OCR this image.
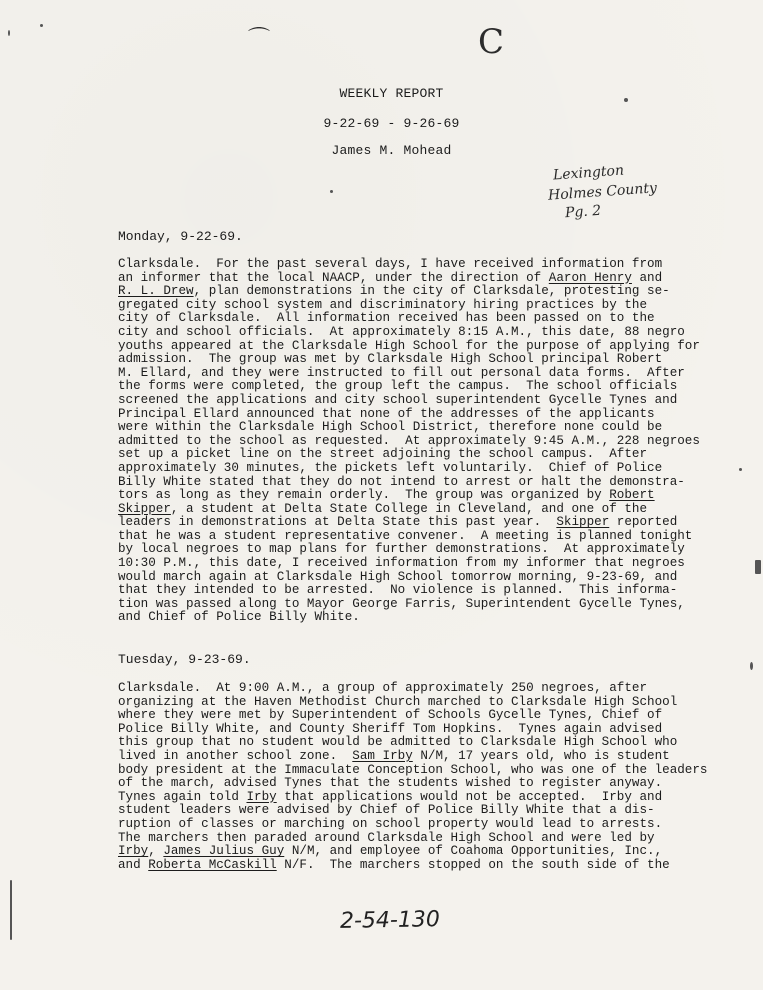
⌒	C
WEEKLY REPORT
9-22-69 - 9-26-69
James M. Mohead
Lexington
Holmes County
Pg. 2
Monday, 9-22-69.
Clarksdale.  For the past several days, I have received information from
an informer that the local NAACP, under the direction of Aaron Henry and
R. L. Drew, plan demonstrations in the city of Clarksdale, protesting se-
gregated city school system and discriminatory hiring practices by the
city of Clarksdale.  All information received has been passed on to the
city and school officials.  At approximately 8:15 A.M., this date, 88 negro
youths appeared at the Clarksdale High School for the purpose of applying for
admission.  The group was met by Clarksdale High School principal Robert
M. Ellard, and they were instructed to fill out personal data forms.  After
the forms were completed, the group left the campus.  The school officials
screened the applications and city school superintendent Gycelle Tynes and
Principal Ellard announced that none of the addresses of the applicants
were within the Clarksdale High School District, therefore none could be
admitted to the school as requested.  At approximately 9:45 A.M., 228 negroes
set up a picket line on the street adjoining the school campus.  After
approximately 30 minutes, the pickets left voluntarily.  Chief of Police
Billy White stated that they do not intend to arrest or halt the demonstra-
tors as long as they remain orderly.  The group was organized by Robert
Skipper, a student at Delta State College in Cleveland, and one of the
leaders in demonstrations at Delta State this past year.  Skipper reported
that he was a student representative convener.  A meeting is planned tonight
by local negroes to map plans for further demonstrations.  At approximately
10:30 P.M., this date, I received information from my informer that negroes
would march again at Clarksdale High School tomorrow morning, 9-23-69, and
that they intended to be arrested.  No violence is planned.  This informa-
tion was passed along to Mayor George Farris, Superintendent Gycelle Tynes,
and Chief of Police Billy White.
Tuesday, 9-23-69.
Clarksdale.  At 9:00 A.M., a group of approximately 250 negroes, after
organizing at the Haven Methodist Church marched to Clarksdale High School
where they were met by Superintendent of Schools Gycelle Tynes, Chief of
Police Billy White, and County Sheriff Tom Hopkins.  Tynes again advised
this group that no student would be admitted to Clarksdale High School who
lived in another school zone.  Sam Irby N/M, 17 years old, who is student
body president at the Immaculate Conception School, who was one of the leaders
of the march, advised Tynes that the students wished to register anyway.
Tynes again told Irby that applications would not be accepted.  Irby and
student leaders were advised by Chief of Police Billy White that a dis-
ruption of classes or marching on school property would lead to arrests.
The marchers then paraded around Clarksdale High School and were led by
Irby, James Julius Guy N/M, and employee of Coahoma Opportunities, Inc.,
and Roberta McCaskill N/F.  The marchers stopped on the south side of the
2-54-130
